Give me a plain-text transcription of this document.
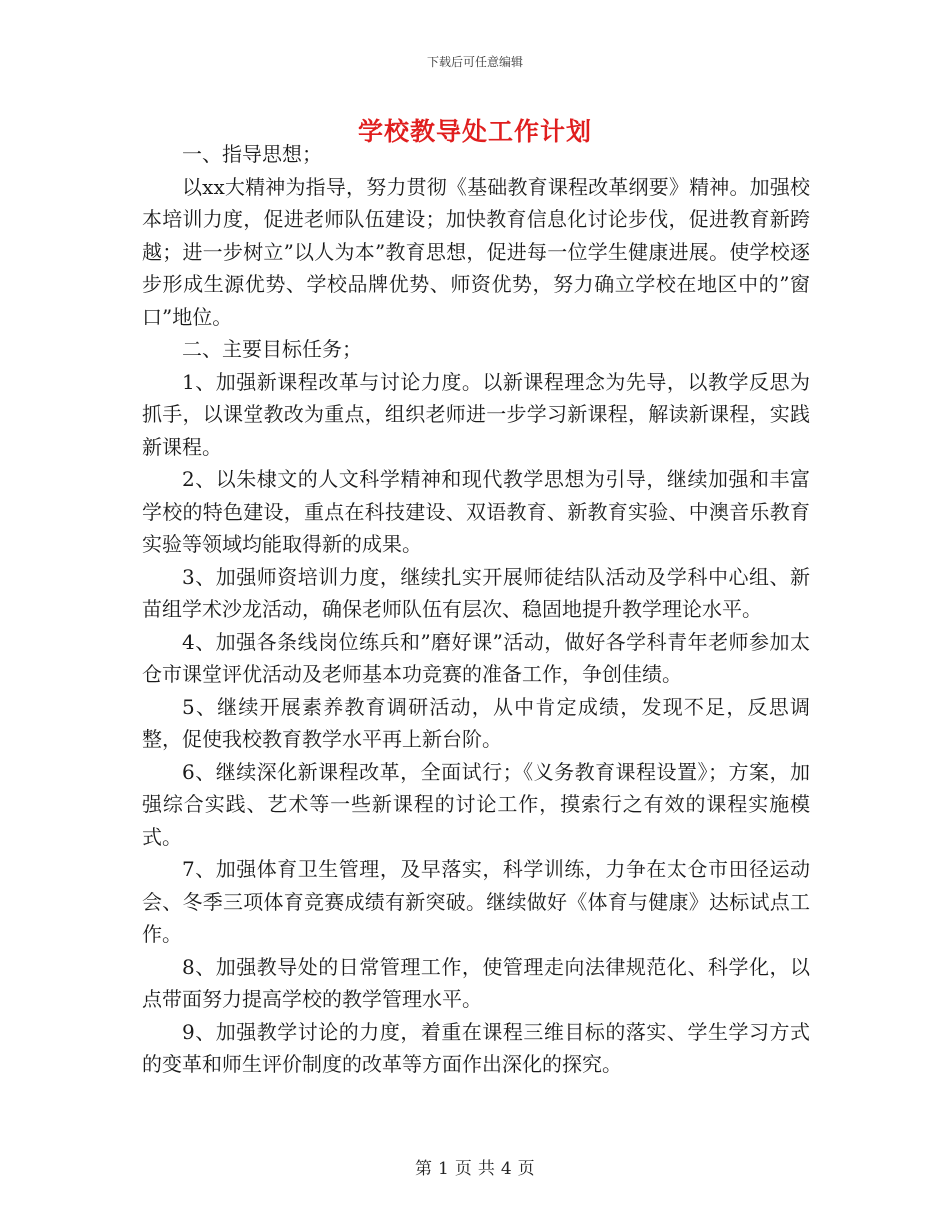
下载后可任意编辑
学校教导处工作计划

一、指导思想；

以xx大精神为指导，努力贯彻《基础教育课程改革纲要》精神。加强校本培训力度，促进老师队伍建设；加快教育信息化讨论步伐，促进教育新跨越；进一步树立”以人为本”教育思想，促进每一位学生健康进展。使学校逐步形成生源优势、学校品牌优势、师资优势，努力确立学校在地区中的”窗口”地位。

二、主要目标任务；

1、加强新课程改革与讨论力度。以新课程理念为先导，以教学反思为抓手，以课堂教改为重点，组织老师进一步学习新课程，解读新课程，实践新课程。

2、以朱棣文的人文科学精神和现代教学思想为引导，继续加强和丰富学校的特色建设，重点在科技建设、双语教育、新教育实验、中澳音乐教育实验等领域均能取得新的成果。

3、加强师资培训力度，继续扎实开展师徒结队活动及学科中心组、新苗组学术沙龙活动，确保老师队伍有层次、稳固地提升教学理论水平。

4、加强各条线岗位练兵和”磨好课”活动，做好各学科青年老师参加太仓市课堂评优活动及老师基本功竞赛的准备工作，争创佳绩。

5、继续开展素养教育调研活动，从中肯定成绩，发现不足，反思调整，促使我校教育教学水平再上新台阶。

6、继续深化新课程改革，全面试行；《义务教育课程设置》；方案，加强综合实践、艺术等一些新课程的讨论工作，摸索行之有效的课程实施模式。

7、加强体育卫生管理，及早落实，科学训练，力争在太仓市田径运动会、冬季三项体育竞赛成绩有新突破。继续做好《体育与健康》达标试点工作。

8、加强教导处的日常管理工作，使管理走向法律规范化、科学化，以点带面努力提高学校的教学管理水平。

9、加强教学讨论的力度，着重在课程三维目标的落实、学生学习方式的变革和师生评价制度的改革等方面作出深化的探究。

第 1 页 共 4 页
